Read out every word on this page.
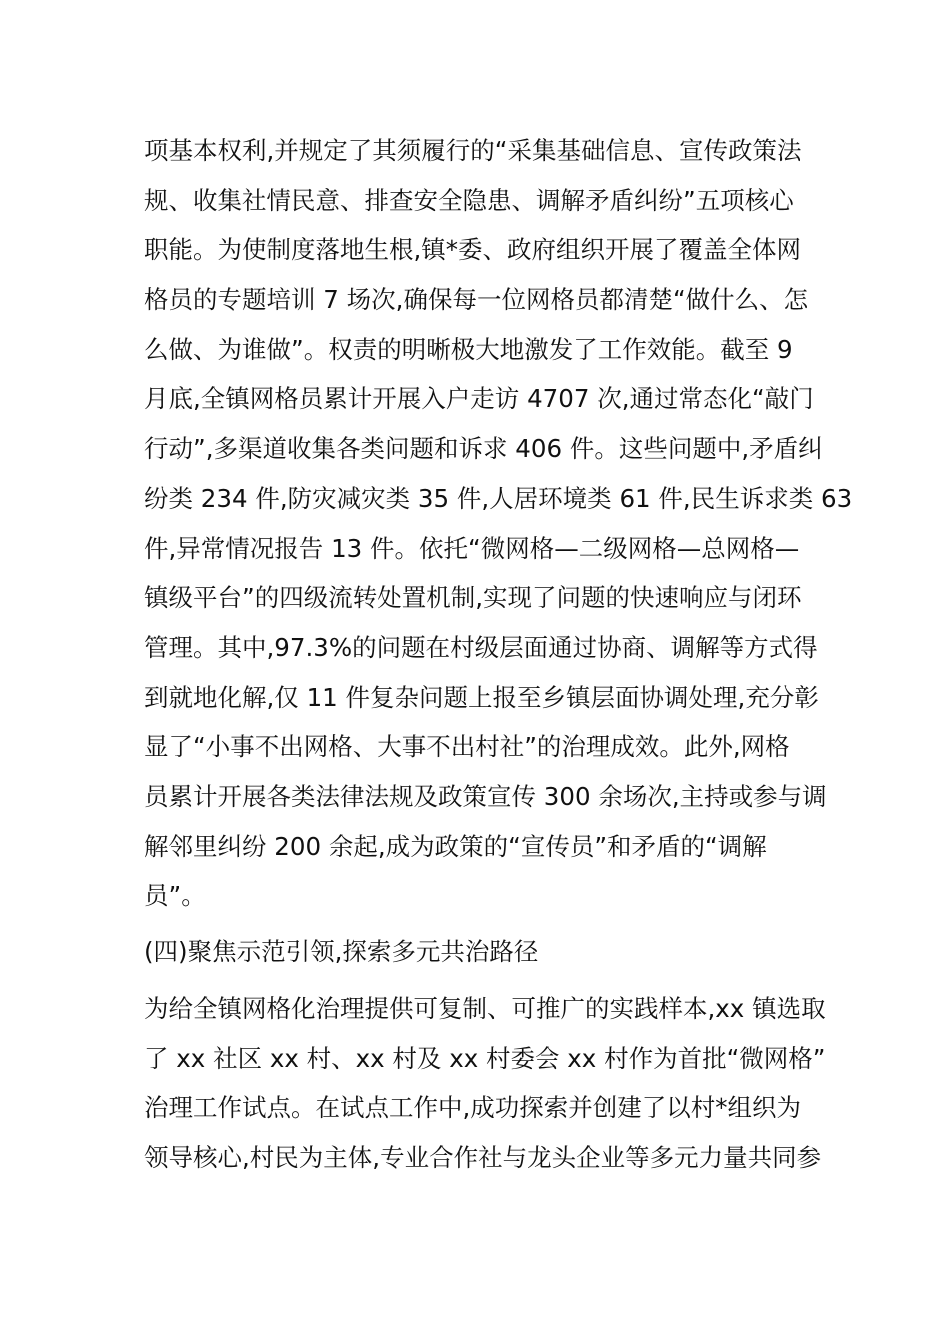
项基本权利,并规定了其须履行的“采集基础信息、宣传政策法
规、收集社情民意、排查安全隐患、调解矛盾纠纷”五项核心
职能。为使制度落地生根,镇*委、政府组织开展了覆盖全体网
格员的专题培训 7 场次,确保每一位网格员都清楚“做什么、怎
么做、为谁做”。权责的明晰极大地激发了工作效能。截至 9
月底,全镇网格员累计开展入户走访 4707 次,通过常态化“敲门
行动”,多渠道收集各类问题和诉求 406 件。这些问题中,矛盾纠
纷类 234 件,防灾减灾类 35 件,人居环境类 61 件,民生诉求类 63
件,异常情况报告 13 件。依托“微网格—二级网格—总网格—
镇级平台”的四级流转处置机制,实现了问题的快速响应与闭环
管理。其中,97.3%的问题在村级层面通过协商、调解等方式得
到就地化解,仅 11 件复杂问题上报至乡镇层面协调处理,充分彰
显了“小事不出网格、大事不出村社”的治理成效。此外,网格
员累计开展各类法律法规及政策宣传 300 余场次,主持或参与调
解邻里纠纷 200 余起,成为政策的“宣传员”和矛盾的“调解
员”。
(四)聚焦示范引领,探索多元共治路径
为给全镇网格化治理提供可复制、可推广的实践样本,xx 镇选取
了 xx 社区 xx 村、xx 村及 xx 村委会 xx 村作为首批“微网格”
治理工作试点。在试点工作中,成功探索并创建了以村*组织为
领导核心,村民为主体,专业合作社与龙头企业等多元力量共同参
